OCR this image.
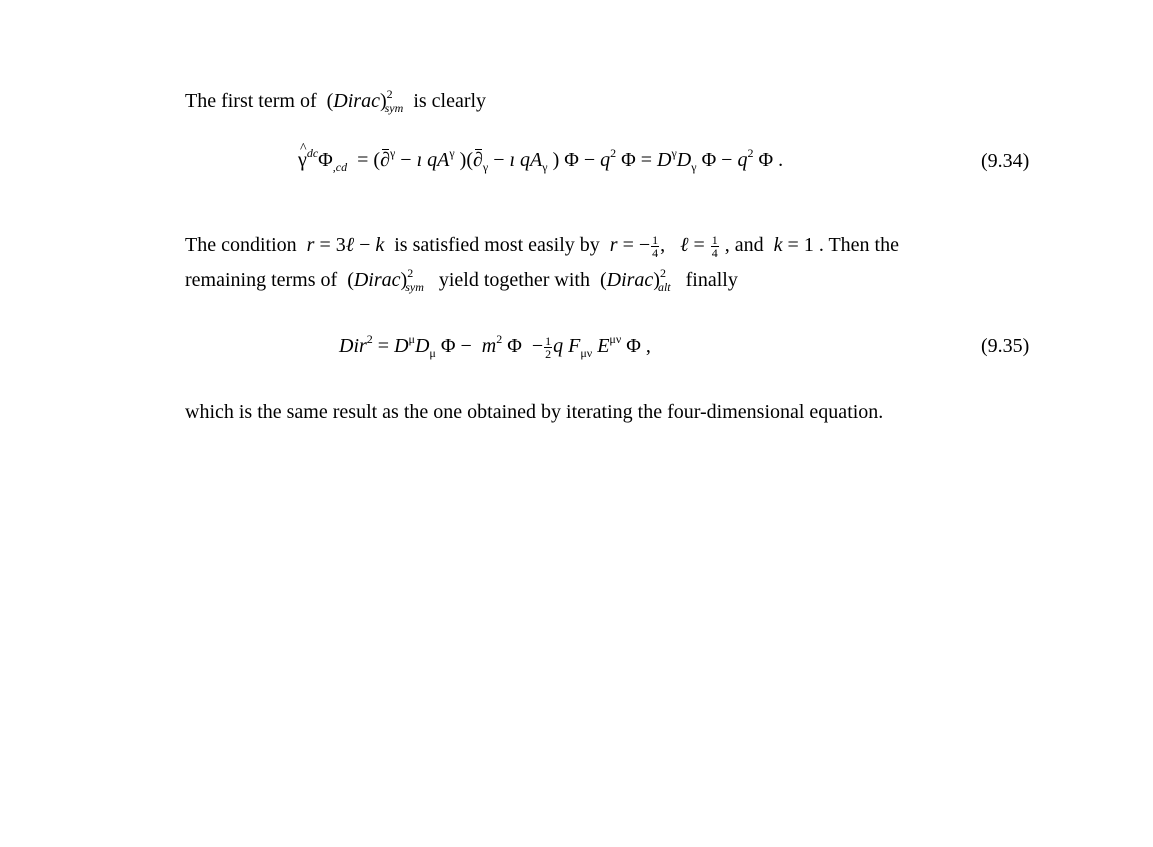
The first term of  (Dirac)$^2_{sym}$ is clearly
^ $\gamma^{dc}\Phi_{,cd} = (\partial^\gamma$ − ı $qA^\gamma$ )($\partial_\gamma$ − ı $qA_\gamma$ ) $\Phi - q^2$ $\Phi = D^\gamma D_\gamma$ $\Phi - q^2$ Φ .	(9.34)
The condition r = 3ℓ − k is satisfied most easily by r = − $\frac{1}{4}$ ,   ℓ = $\frac{1}{4}$ , and k = 1 . Then the
remaining terms of  (Dirac)$^2_{sym}$ yield together with  (Dirac)$^2_{alt}$ finally
$Dir^2 = D^\mu D_\mu$ $\Phi - m^2$ $\Phi - \frac{1}{2}$ q $F_{\mu\nu}$ $E^{\mu\nu}$ Φ ,	(9.35)
which is the same result as the one obtained by iterating the four-dimensional equation.
